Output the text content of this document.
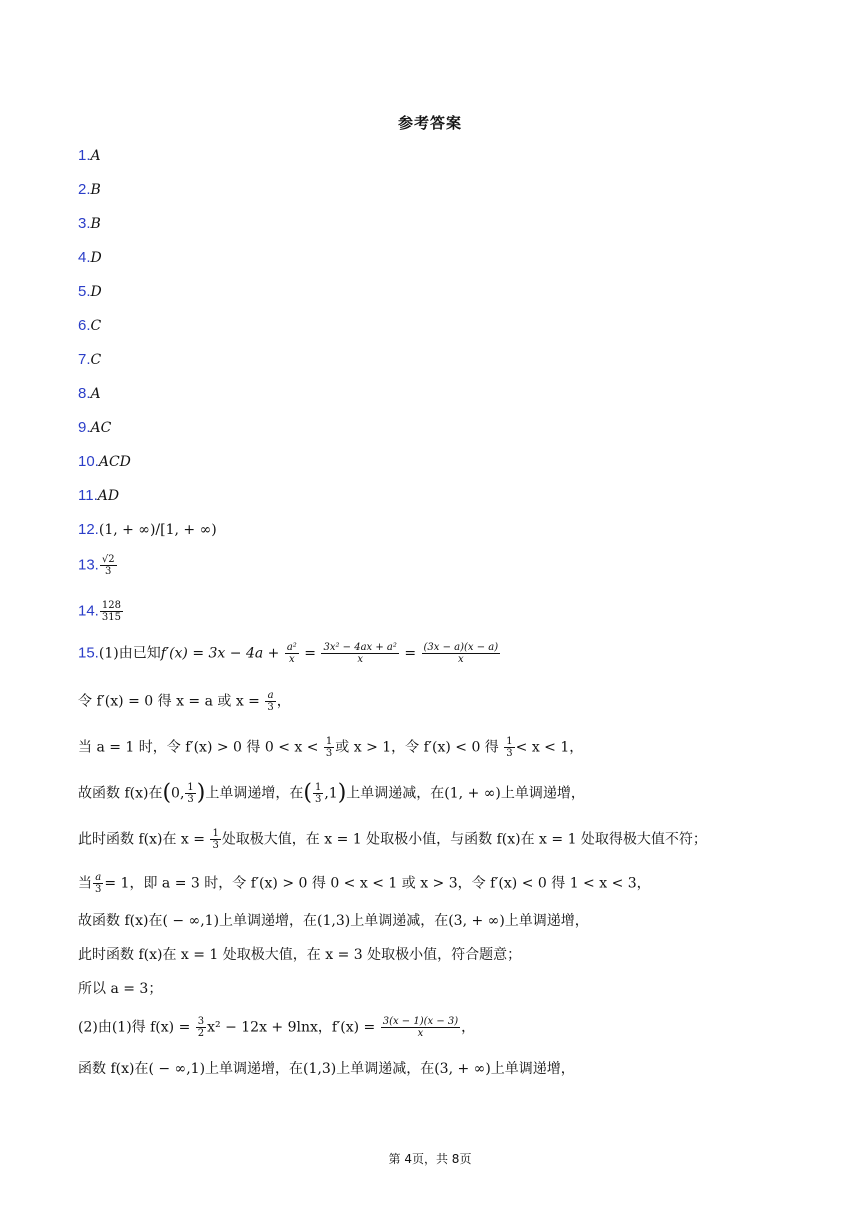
参考答案
1.A
2.B
3.B
4.D
5.D
6.C
7.C
8.A
9.AC
10.ACD
11.AD
12.(1, + ∞)/[1, + ∞)
13. $\frac{√2}{3}$
14. $\frac{128}{315}$
15.(1)由已知$f'(x) = 3x - 4a + \frac{\text{a²}}{x} = \frac{\text{3x² − 4ax + a²}}{x} = \frac{(3x - a)(x - a)}{x}$
令 f′(x) = 0 得 x = a 或 $x = \frac{a}{3}$ ，
当 a = 1 时，令 f′(x) > 0 得 $0 < x < \frac{1}{3}$ 或 x > 1，令 f′(x) < 0 得 $\frac{1}{3} < x < 1$，
故函数 f(x)在(0, $\frac{1}{3}$ )上单调递增，在( $\frac{1}{3} ,1$)上单调递减，在(1, + ∞)上单调递增，
此时函数 f(x)在 $x = \frac{1}{3}$ 处取极大值，在 x = 1 处取极小值，与函数 f(x)在 x = 1 处取得极大值不符；
当 $\frac{a}{3} = 1$，即 a = 3 时，令 f′(x) > 0 得 0 < x < 1 或 x > 3，令 f′(x) < 0 得 1 < x < 3，
故函数 f(x)在( − ∞,1)上单调递增，在(1,3)上单调递减，在(3, + ∞)上单调递增，
此时函数 f(x)在 x = 1 处取极大值，在 x = 3 处取极小值，符合题意；
所以 a = 3；
(2)由(1)得 $f(x) = \frac{3}{2} x^2 - 12x + 9\ln x$，$f'(x) = \frac{3(x - 1)(x - 3)}{x}$ ，
函数 f(x)在( − ∞,1)上单调递增，在(1,3)上单调递减，在(3, + ∞)上单调递增，
第 4页，共 8页
